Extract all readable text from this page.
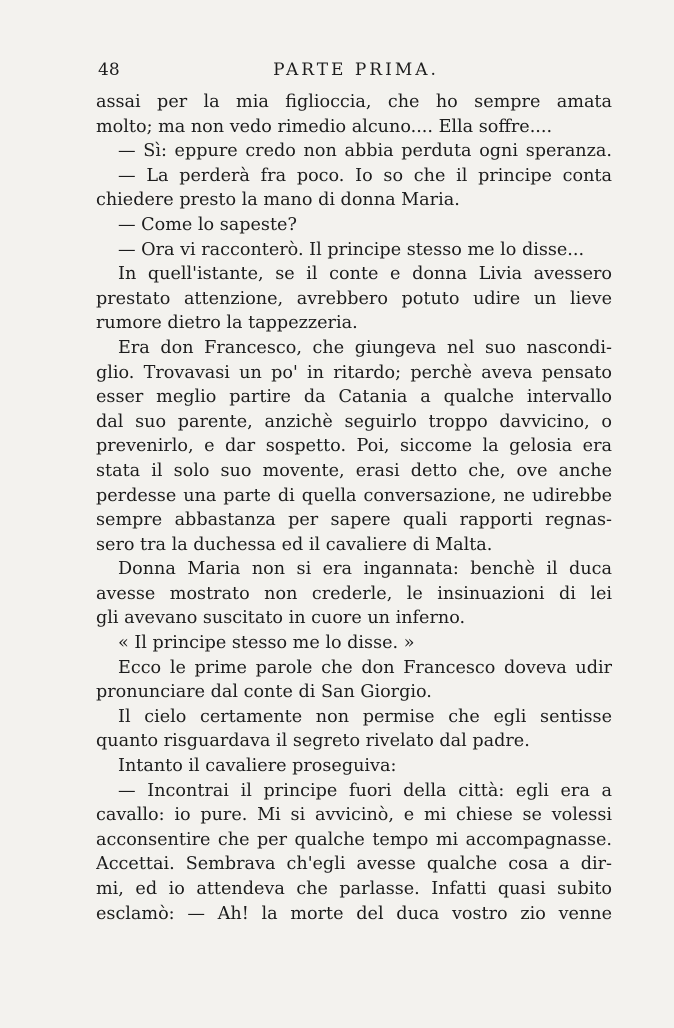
48	PARTE PRIMA.
assai per la mia figlioccia, che ho sempre amata
molto; ma non vedo rimedio alcuno.... Ella soffre....
— Sì: eppure credo non abbia perduta ogni speranza.
— La perderà fra poco. Io so che il principe conta
chiedere presto la mano di donna Maria.
— Come lo sapeste?
— Ora vi racconterò. Il principe stesso me lo disse...
In quell'istante, se il conte e donna Livia avessero
prestato attenzione, avrebbero potuto udire un lieve
rumore dietro la tappezzeria.
Era don Francesco, che giungeva nel suo nascondi-
glio. Trovavasi un po' in ritardo; perchè aveva pensato
esser meglio partire da Catania a qualche intervallo
dal suo parente, anzichè seguirlo troppo davvicino, o
prevenirlo, e dar sospetto. Poi, siccome la gelosia era
stata il solo suo movente, erasi detto che, ove anche
perdesse una parte di quella conversazione, ne udirebbe
sempre abbastanza per sapere quali rapporti regnas-
sero tra la duchessa ed il cavaliere di Malta.
Donna Maria non si era ingannata: benchè il duca
avesse mostrato non crederle, le insinuazioni di lei
gli avevano suscitato in cuore un inferno.
« Il principe stesso me lo disse. »
Ecco le prime parole che don Francesco doveva udir
pronunciare dal conte di San Giorgio.
Il cielo certamente non permise che egli sentisse
quanto risguardava il segreto rivelato dal padre.
Intanto il cavaliere proseguiva:
— Incontrai il principe fuori della città: egli era a
cavallo: io pure. Mi si avvicinò, e mi chiese se volessi
acconsentire che per qualche tempo mi accompagnasse.
Accettai. Sembrava ch'egli avesse qualche cosa a dir-
mi, ed io attendeva che parlasse. Infatti quasi subito
esclamò: — Ah! la morte del duca vostro zio venne
